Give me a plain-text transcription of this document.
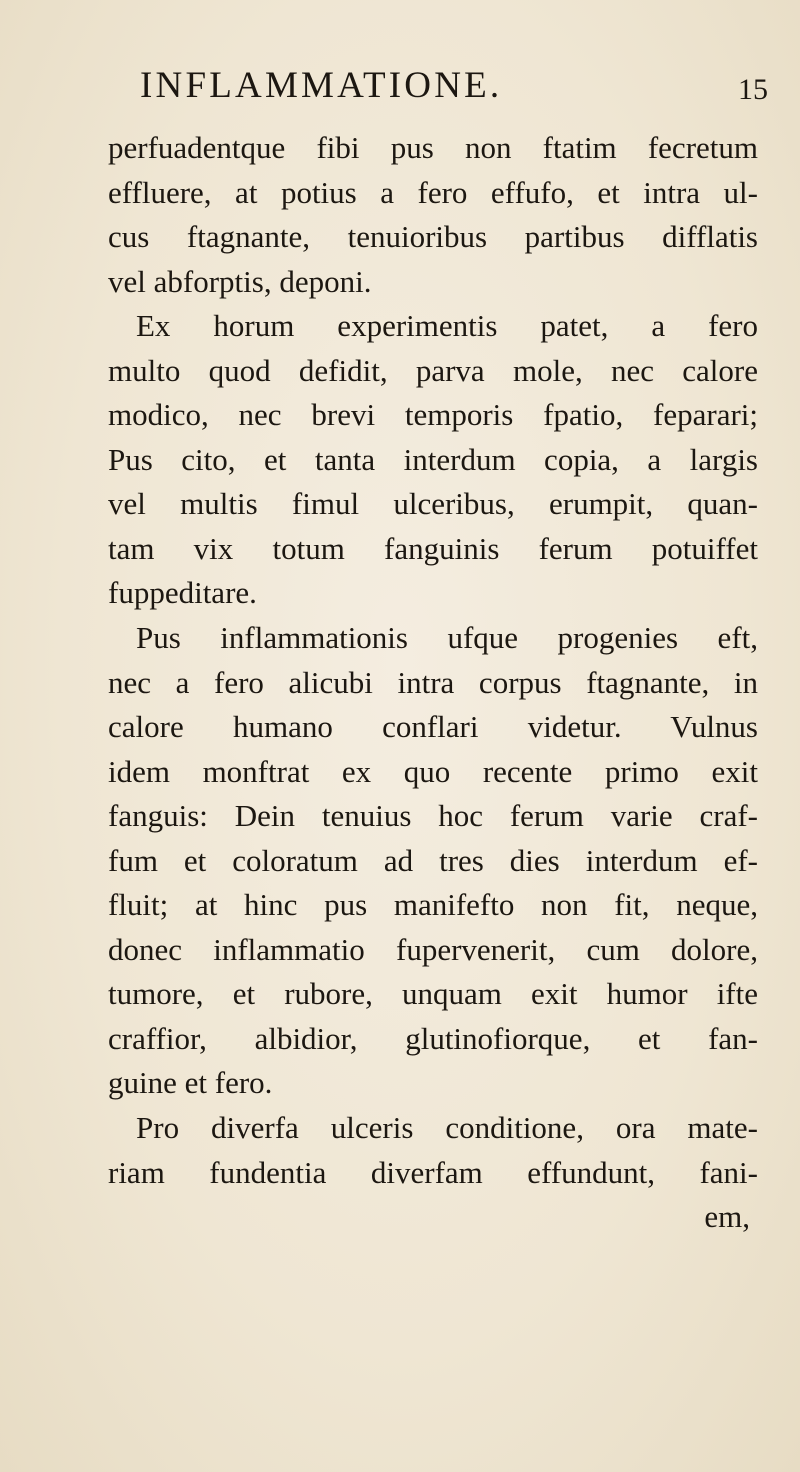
INFLAMMATIONE.	15
perfuadentque fibi pus non ftatim fecretum
effluere, at potius a fero effufo, et intra ul-
cus ftagnante, tenuioribus partibus difflatis
vel abforptis, deponi.
Ex horum experimentis patet, a fero
multo quod defidit, parva mole, nec calore
modico, nec brevi temporis fpatio, feparari;
Pus cito, et tanta interdum copia, a largis
vel multis fimul ulceribus, erumpit, quan-
tam vix totum fanguinis ferum potuiffet
fuppeditare.
Pus inflammationis ufque progenies eft,
nec a fero alicubi intra corpus ftagnante, in
calore humano conflari videtur. Vulnus
idem monftrat ex quo recente primo exit
fanguis: Dein tenuius hoc ferum varie craf-
fum et coloratum ad tres dies interdum ef-
fluit; at hinc pus manifefto non fit, neque,
donec inflammatio fupervenerit, cum dolore,
tumore, et rubore, unquam exit humor ifte
craffior, albidior, glutinofiorque, et fan-
guine et fero.
Pro diverfa ulceris conditione, ora mate-
riam fundentia diverfam effundunt, fani-
em,
